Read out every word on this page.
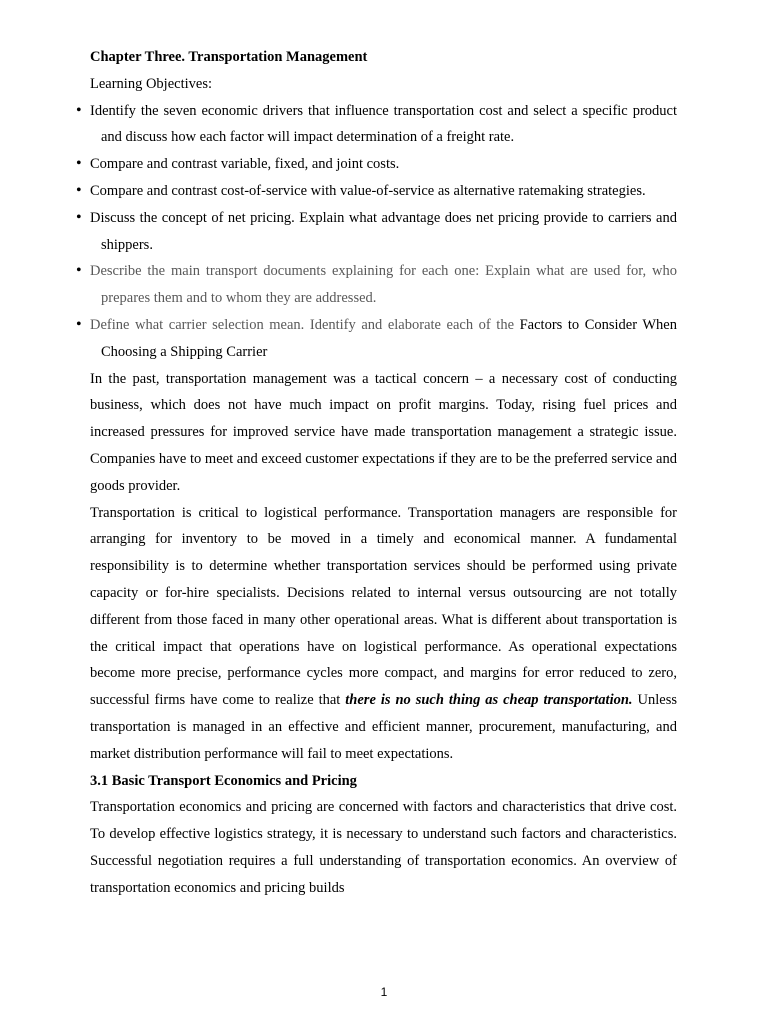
Chapter Three. Transportation Management

Learning Objectives:

• Identify the seven economic drivers that influence transportation cost and select a specific product and discuss how each factor will impact determination of a freight rate.
• Compare and contrast variable, fixed, and joint costs.
• Compare and contrast cost-of-service with value-of-service as alternative ratemaking strategies.
• Discuss the concept of net pricing. Explain what advantage does net pricing provide to carriers and shippers.
• Describe the main transport documents explaining for each one: Explain what are used for, who prepares them and to whom they are addressed.
• Define what carrier selection mean. Identify and elaborate each of the Factors to Consider When Choosing a Shipping Carrier

In the past, transportation management was a tactical concern – a necessary cost of conducting business, which does not have much impact on profit margins. Today, rising fuel prices and increased pressures for improved service have made transportation management a strategic issue. Companies have to meet and exceed customer expectations if they are to be the preferred service and goods provider.

Transportation is critical to logistical performance. Transportation managers are responsible for arranging for inventory to be moved in a timely and economical manner. A fundamental responsibility is to determine whether transportation services should be performed using private capacity or for-hire specialists. Decisions related to internal versus outsourcing are not totally different from those faced in many other operational areas. What is different about transportation is the critical impact that operations have on logistical performance. As operational expectations become more precise, performance cycles more compact, and margins for error reduced to zero, successful firms have come to realize that there is no such thing as cheap transportation. Unless transportation is managed in an effective and efficient manner, procurement, manufacturing, and market distribution performance will fail to meet expectations.

3.1 Basic Transport Economics and Pricing

Transportation economics and pricing are concerned with factors and characteristics that drive cost. To develop effective logistics strategy, it is necessary to understand such factors and characteristics. Successful negotiation requires a full understanding of transportation economics. An overview of transportation economics and pricing builds

1
